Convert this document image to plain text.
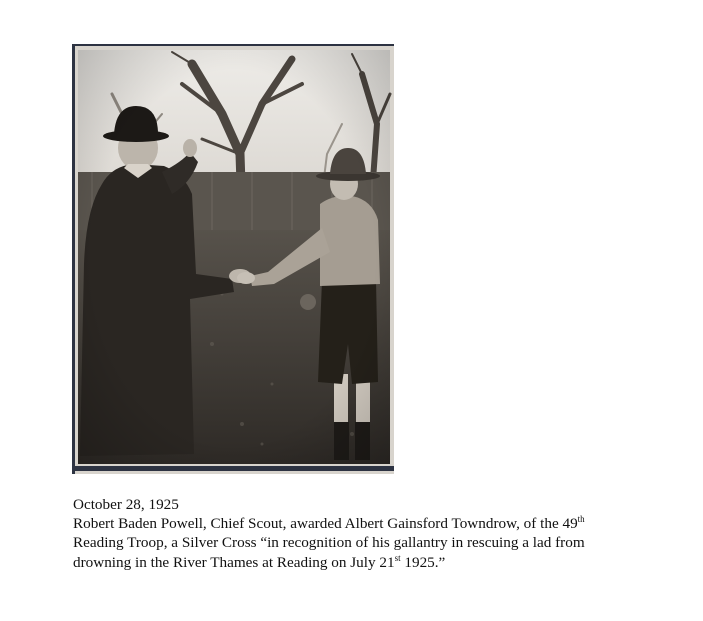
October 28, 1925
Robert Baden Powell, Chief Scout, awarded Albert Gainsford Towndrow, of the 49th
Reading Troop, a Silver Cross “in recognition of his gallantry in rescuing a lad from
drowning in the River Thames at Reading on July 21st 1925.”
